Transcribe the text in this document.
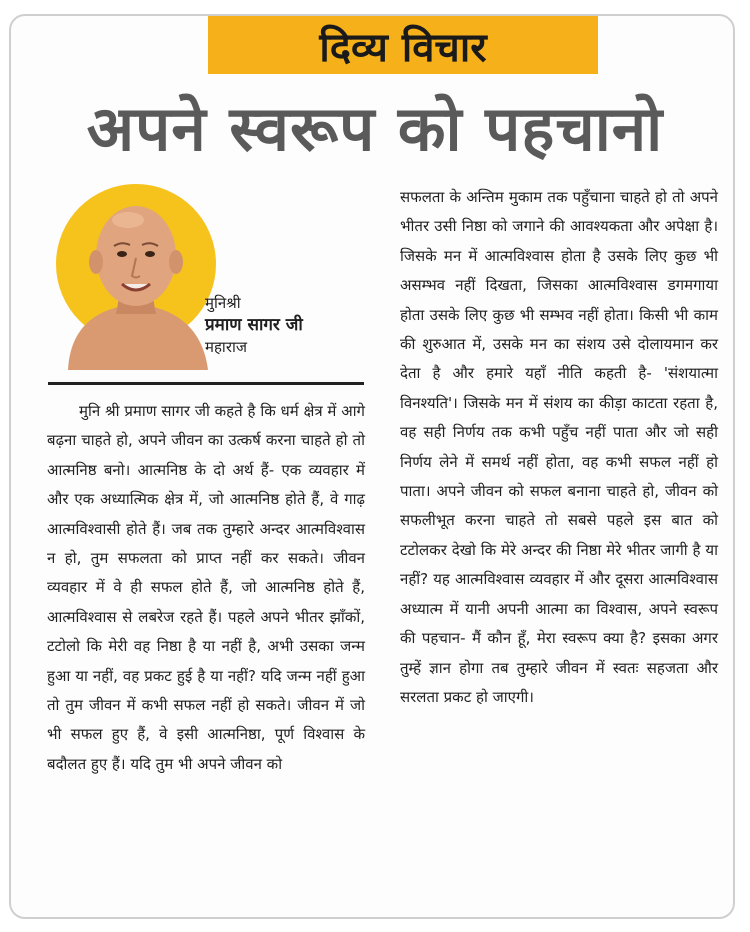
दिव्य विचार
अपने स्वरूप को पहचानो
मुनिश्री
प्रमाण सागर जी
महाराज
मुनि श्री प्रमाण सागर जी कहते है कि धर्म क्षेत्र में आगे बढ़ना चाहते हो, अपने जीवन का उत्कर्ष करना चाहते हो तो आत्मनिष्ठ बनो। आत्मनिष्ठ के दो अर्थ हैं- एक व्यवहार में और एक अध्यात्मिक क्षेत्र में, जो आत्मनिष्ठ होते हैं, वे गाढ़ आत्मविश्वासी होते हैं। जब तक तुम्हारे अन्दर आत्मविश्वास न हो, तुम सफलता को प्राप्त नहीं कर सकते। जीवन व्यवहार में वे ही सफल होते हैं, जो आत्मनिष्ठ होते हैं, आत्मविश्वास से लबरेज रहते हैं। पहले अपने भीतर झाँकों, टटोलो कि मेरी वह निष्ठा है या नहीं है, अभी उसका जन्म हुआ या नहीं, वह प्रकट हुई है या नहीं? यदि जन्म नहीं हुआ तो तुम जीवन में कभी सफल नहीं हो सकते। जीवन में जो भी सफल हुए हैं, वे इसी आत्मनिष्ठा, पूर्ण विश्वास के बदौलत हुए हैं। यदि तुम भी अपने जीवन को
सफलता के अन्तिम मुकाम तक पहुँचाना चाहते हो तो अपने भीतर उसी निष्ठा को जगाने की आवश्यकता और अपेक्षा है। जिसके मन में आत्मविश्वास होता है उसके लिए कुछ भी असम्भव नहीं दिखता, जिसका आत्मविश्वास डगमगाया होता उसके लिए कुछ भी सम्भव नहीं होता। किसी भी काम की शुरुआत में, उसके मन का संशय उसे दोलायमान कर देता है और हमारे यहाँ नीति कहती है- 'संशयात्मा विनश्यति'। जिसके मन में संशय का कीड़ा काटता रहता है, वह सही निर्णय तक कभी पहुँच नहीं पाता और जो सही निर्णय लेने में समर्थ नहीं होता, वह कभी सफल नहीं हो पाता। अपने जीवन को सफल बनाना चाहते हो, जीवन को सफलीभूत करना चाहते तो सबसे पहले इस बात को टटोलकर देखो कि मेरे अन्दर की निष्ठा मेरे भीतर जागी है या नहीं? यह आत्मविश्वास व्यवहार में और दूसरा आत्मविश्वास अध्यात्म में यानी अपनी आत्मा का विश्वास, अपने स्वरूप की पहचान- मैं कौन हूँ, मेरा स्वरूप क्या है? इसका अगर तुम्हें ज्ञान होगा तब तुम्हारे जीवन में स्वतः सहजता और सरलता प्रकट हो जाएगी।
